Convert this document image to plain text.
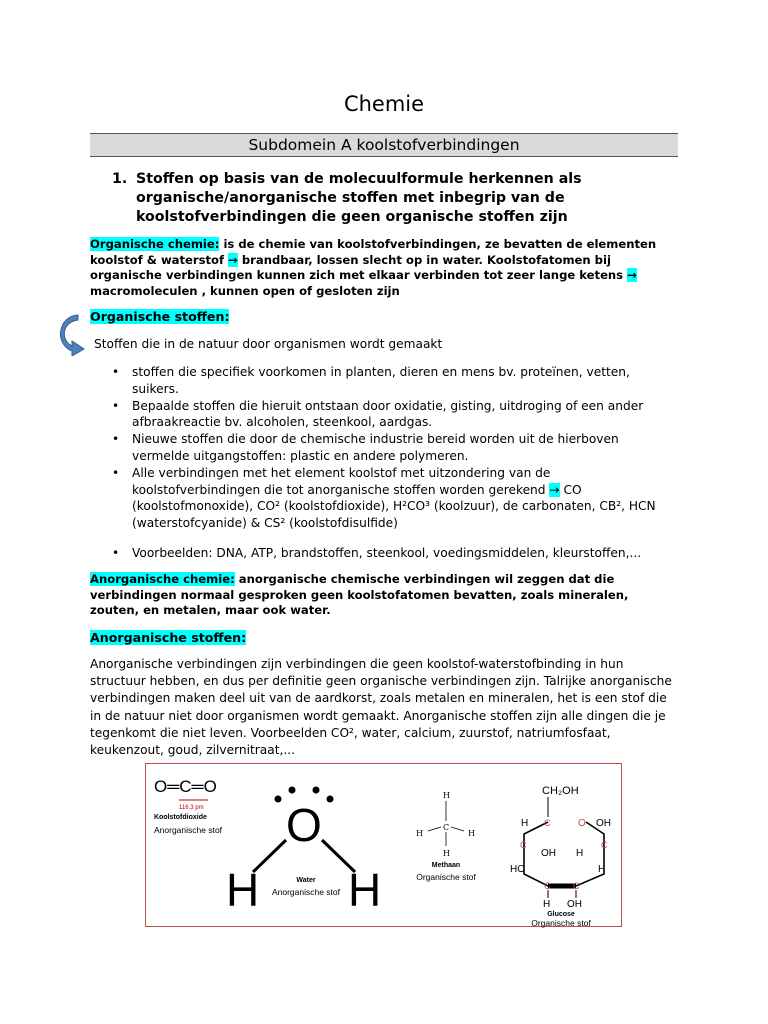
Chemie
Subdomein A koolstofverbindingen
1. Stoffen op basis van de molecuulformule herkennen als organische/anorganische stoffen met inbegrip van de koolstofverbindingen die geen organische stoffen zijn
Organische chemie: is de chemie van koolstofverbindingen, ze bevatten de elementen koolstof & waterstof → brandbaar, lossen slecht op in water. Koolstofatomen bij organische verbindingen kunnen zich met elkaar verbinden tot zeer lange ketens → macromoleculen , kunnen open of gesloten zijn
Organische stoffen:
Stoffen die in de natuur door organismen wordt gemaakt
• stoffen die specifiek voorkomen in planten, dieren en mens bv. proteïnen, vetten, suikers.
• Bepaalde stoffen die hieruit ontstaan door oxidatie, gisting, uitdroging of een ander afbraakreactie bv. alcoholen, steenkool, aardgas.
• Nieuwe stoffen die door de chemische industrie bereid worden uit de hierboven vermelde uitgangstoffen: plastic en andere polymeren.
• Alle verbindingen met het element koolstof met uitzondering van de koolstofverbindingen die tot anorganische stoffen worden gerekend → CO (koolstofmonoxide), CO² (koolstofdioxide), H²CO³ (koolzuur), de carbonaten, CB², HCN (waterstofcyanide) & CS² (koolstofdisulfide)
• Voorbeelden: DNA, ATP, brandstoffen, steenkool, voedingsmiddelen, kleurstoffen,...
Anorganische chemie: anorganische chemische verbindingen wil zeggen dat die verbindingen normaal gesproken geen koolstofatomen bevatten, zoals mineralen, zouten, en metalen, maar ook water.
Anorganische stoffen:
Anorganische verbindingen zijn verbindingen die geen koolstof-waterstofbinding in hun structuur hebben, en dus per definitie geen organische verbindingen zijn. Talrijke anorganische verbindingen maken deel uit van de aardkorst, zoals metalen en mineralen, het is een stof die in de natuur niet door organismen wordt gemaakt. Anorganische stoffen zijn alle dingen die je tegenkomt die niet leven. Voorbeelden CO², water, calcium, zuurstof, natriumfosfaat, keukenzout, goud, zilvernitraat,...
O═C═O
116.3 pm O
H H
H
C
H	H
H
CH₂OH
C	O
H
C	C
OH
OH H
C	C
HO	H
H OH
Koolstofdioxide
Anorganische stof
Water
Anorganische stof
Methaan
Organische stof
Glucose
Organische stof
